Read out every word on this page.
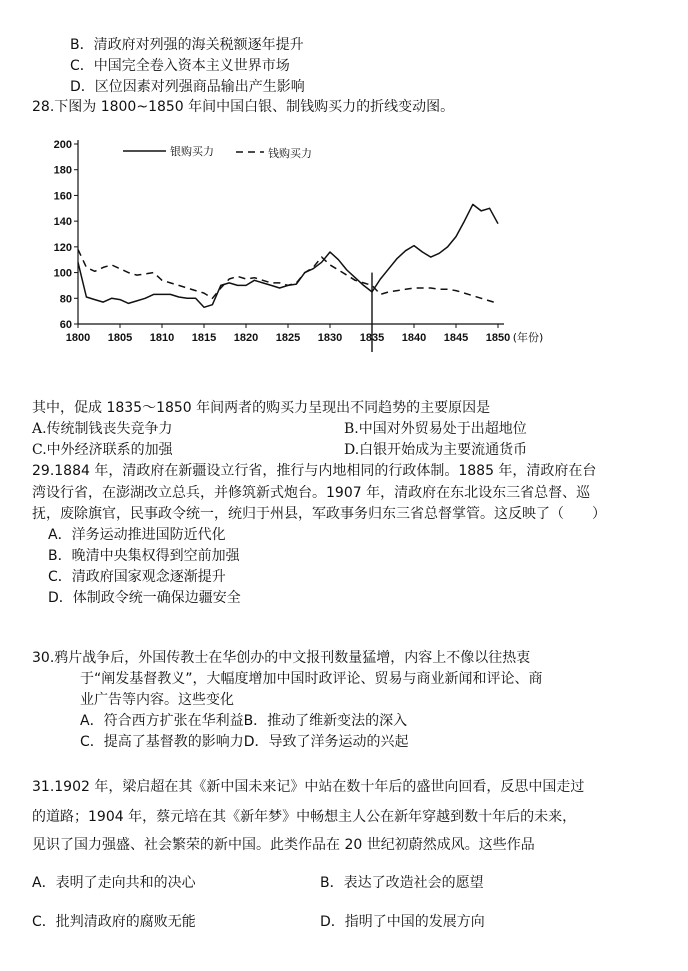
B．清政府对列强的海关税额逐年提升
C．中国完全卷入资本主义世界市场
D．区位因素对列强商品输出产生影响
28.下图为 1800~1850 年间中国白银、制钱购买力的折线变动图。
60
80
100
120
140
160
180
200
1800 1805 1810 1815 1820 1825 1830 1835 1840 1845 1850 (年份)
银购买力	钱购买力
其中，促成 1835～1850 年间两者的购买力呈现出不同趋势的主要原因是
A.传统制钱丧失竞争力	B.中国对外贸易处于出超地位
C.中外经济联系的加强	D.白银开始成为主要流通货币
29.1884 年，清政府在新疆设立行省，推行与内地相同的行政体制。1885 年，清政府在台
湾设行省，在澎湖改立总兵，并修筑新式炮台。1907 年，清政府在东北设东三省总督、巡
抚，废除旗官，民事政令统一，统归于州县，军政事务归东三省总督掌管。这反映了（　　）
A．洋务运动推进国防近代化
B．晚清中央集权得到空前加强
C．清政府国家观念逐渐提升
D．体制政令统一确保边疆安全
30.鸦片战争后，外国传教士在华创办的中文报刊数量猛增，内容上不像以往热衷
于“阐发基督教义”，大幅度增加中国时政评论、贸易与商业新闻和评论、商
业广告等内容。这些变化
A．符合西方扩张在华利益B．推动了维新变法的深入
C．提高了基督教的影响力D．导致了洋务运动的兴起
31.1902 年，梁启超在其《新中国未来记》中站在数十年后的盛世向回看，反思中国走过
的道路；1904 年，蔡元培在其《新年梦》中畅想主人公在新年穿越到数十年后的未来，
见识了国力强盛、社会繁荣的新中国。此类作品在 20 世纪初蔚然成风。这些作品
A．表明了走向共和的决心	B．表达了改造社会的愿望
C．批判清政府的腐败无能	D．指明了中国的发展方向
